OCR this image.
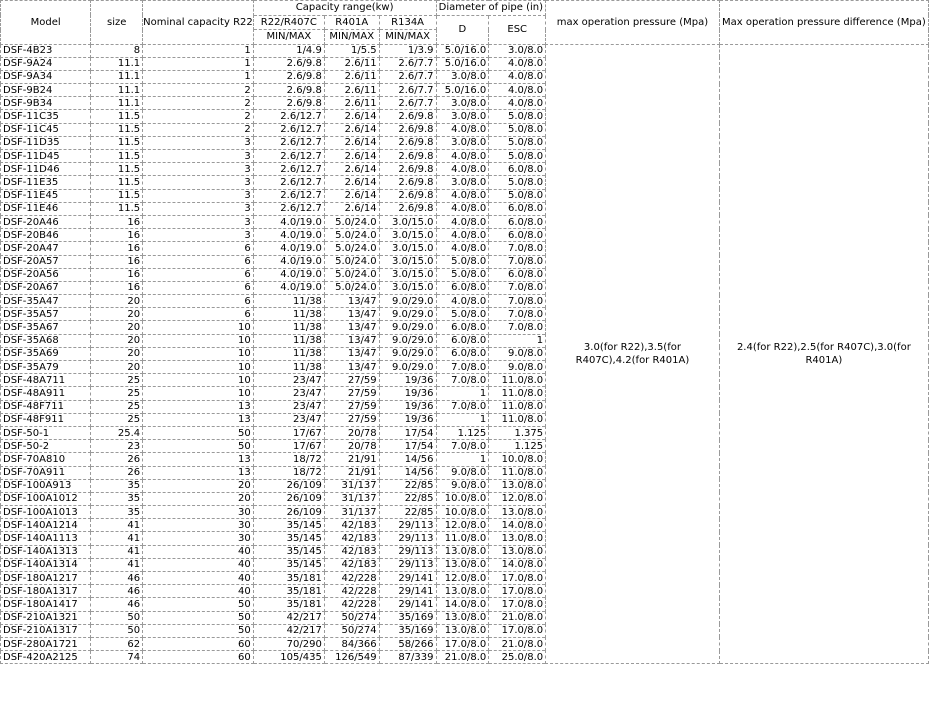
Model	size	Nominal capacity R22	Capacity range(kw)			Diameter of pipe (in)		max operation pressure (Mpa)	Max operation pressure difference (Mpa)
			R22/R407C	R401A	R134A	D	ESC		
			MIN/MAX	MIN/MAX	MIN/MAX				
DSF-4B23	8	1	1/4.9	1/5.5	1/3.9	5.0/16.0	3.0/8.0	3.0(for R22),3.5(for R407C),4.2(for R401A)	2.4(for R22),2.5(for R407C),3.0(for R401A)
DSF-9A24	11.1	1	2.6/9.8	2.6/11	2.6/7.7	5.0/16.0	4.0/8.0		
DSF-9A34	11.1	1	2.6/9.8	2.6/11	2.6/7.7	3.0/8.0	4.0/8.0		
DSF-9B24	11.1	2	2.6/9.8	2.6/11	2.6/7.7	5.0/16.0	4.0/8.0		
DSF-9B34	11.1	2	2.6/9.8	2.6/11	2.6/7.7	3.0/8.0	4.0/8.0		
DSF-11C35	11.5	2	2.6/12.7	2.6/14	2.6/9.8	3.0/8.0	5.0/8.0		
DSF-11C45	11.5	2	2.6/12.7	2.6/14	2.6/9.8	4.0/8.0	5.0/8.0		
DSF-11D35	11.5	3	2.6/12.7	2.6/14	2.6/9.8	3.0/8.0	5.0/8.0		
DSF-11D45	11.5	3	2.6/12.7	2.6/14	2.6/9.8	4.0/8.0	5.0/8.0		
DSF-11D46	11.5	3	2.6/12.7	2.6/14	2.6/9.8	4.0/8.0	6.0/8.0		
DSF-11E35	11.5	3	2.6/12.7	2.6/14	2.6/9.8	3.0/8.0	5.0/8.0		
DSF-11E45	11.5	3	2.6/12.7	2.6/14	2.6/9.8	4.0/8.0	5.0/8.0		
DSF-11E46	11.5	3	2.6/12.7	2.6/14	2.6/9.8	4.0/8.0	6.0/8.0		
DSF-20A46	16	3	4.0/19.0	5.0/24.0	3.0/15.0	4.0/8.0	6.0/8.0		
DSF-20B46	16	3	4.0/19.0	5.0/24.0	3.0/15.0	4.0/8.0	6.0/8.0		
DSF-20A47	16	6	4.0/19.0	5.0/24.0	3.0/15.0	4.0/8.0	7.0/8.0		
DSF-20A57	16	6	4.0/19.0	5.0/24.0	3.0/15.0	5.0/8.0	7.0/8.0		
DSF-20A56	16	6	4.0/19.0	5.0/24.0	3.0/15.0	5.0/8.0	6.0/8.0		
DSF-20A67	16	6	4.0/19.0	5.0/24.0	3.0/15.0	6.0/8.0	7.0/8.0		
DSF-35A47	20	6	11/38	13/47	9.0/29.0	4.0/8.0	7.0/8.0		
DSF-35A57	20	6	11/38	13/47	9.0/29.0	5.0/8.0	7.0/8.0		
DSF-35A67	20	10	11/38	13/47	9.0/29.0	6.0/8.0	7.0/8.0		
DSF-35A68	20	10	11/38	13/47	9.0/29.0	6.0/8.0	1		
DSF-35A69	20	10	11/38	13/47	9.0/29.0	6.0/8.0	9.0/8.0		
DSF-35A79	20	10	11/38	13/47	9.0/29.0	7.0/8.0	9.0/8.0		
DSF-48A711	25	10	23/47	27/59	19/36	7.0/8.0	11.0/8.0		
DSF-48A911	25	10	23/47	27/59	19/36	1	11.0/8.0		
DSF-48F711	25	13	23/47	27/59	19/36	7.0/8.0	11.0/8.0		
DSF-48F911	25	13	23/47	27/59	19/36	1	11.0/8.0		
DSF-50-1	25.4	50	17/67	20/78	17/54	1.125	1.375		
DSF-50-2	23	50	17/67	20/78	17/54	7.0/8.0	1.125		
DSF-70A810	26	13	18/72	21/91	14/56	1	10.0/8.0		
DSF-70A911	26	13	18/72	21/91	14/56	9.0/8.0	11.0/8.0		
DSF-100A913	35	20	26/109	31/137	22/85	9.0/8.0	13.0/8.0		
DSF-100A1012	35	20	26/109	31/137	22/85	10.0/8.0	12.0/8.0		
DSF-100A1013	35	30	26/109	31/137	22/85	10.0/8.0	13.0/8.0		
DSF-140A1214	41	30	35/145	42/183	29/113	12.0/8.0	14.0/8.0		
DSF-140A1113	41	30	35/145	42/183	29/113	11.0/8.0	13.0/8.0		
DSF-140A1313	41	40	35/145	42/183	29/113	13.0/8.0	13.0/8.0		
DSF-140A1314	41	40	35/145	42/183	29/113	13.0/8.0	14.0/8.0		
DSF-180A1217	46	40	35/181	42/228	29/141	12.0/8.0	17.0/8.0		
DSF-180A1317	46	40	35/181	42/228	29/141	13.0/8.0	17.0/8.0		
DSF-180A1417	46	50	35/181	42/228	29/141	14.0/8.0	17.0/8.0		
DSF-210A1321	50	50	42/217	50/274	35/169	13.0/8.0	21.0/8.0		
DSF-210A1317	50	50	42/217	50/274	35/169	13.0/8.0	17.0/8.0		
DSF-280A1721	62	60	70/290	84/366	58/266	17.0/8.0	21.0/8.0		
DSF-420A2125	74	60	105/435	126/549	87/339	21.0/8.0	25.0/8.0		
